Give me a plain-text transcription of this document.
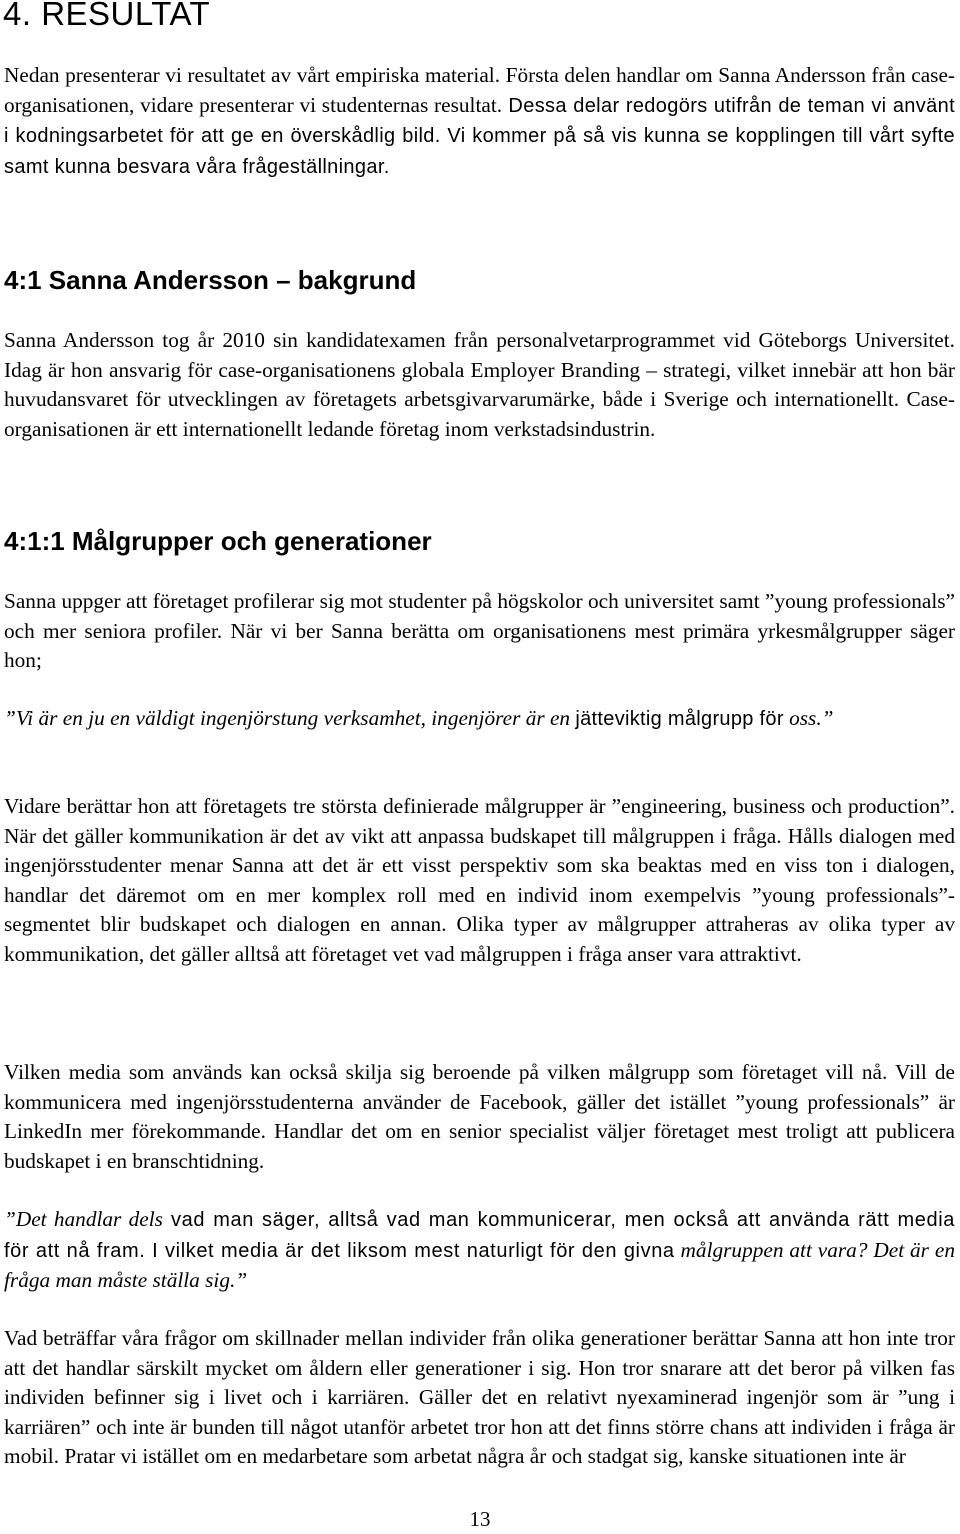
4. RESULTAT

Nedan presenterar vi resultatet av vårt empiriska material. Första delen handlar om Sanna Andersson från case-organisationen, vidare presenterar vi studenternas resultat. Dessa delar redogörs utifrån de teman vi använt i kodningsarbetet för att ge en överskådlig bild. Vi kommer på så vis kunna se kopplingen till vårt syfte samt kunna besvara våra frågeställningar.

4:1 Sanna Andersson – bakgrund

Sanna Andersson tog år 2010 sin kandidatexamen från personalvetarprogrammet vid Göteborgs Universitet. Idag är hon ansvarig för case-organisationens globala Employer Branding – strategi, vilket innebär att hon bär huvudansvaret för utvecklingen av företagets arbetsgivarvarumärke, både i Sverige och internationellt. Case-organisationen är ett internationellt ledande företag inom verkstadsindustrin.

4:1:1 Målgrupper och generationer

Sanna uppger att företaget profilerar sig mot studenter på högskolor och universitet samt ”young professionals” och mer seniora profiler. När vi ber Sanna berätta om organisationens mest primära yrkesmålgrupper säger hon;

”Vi är en ju en väldigt ingenjörstung verksamhet, ingenjörer är en jätteviktig målgrupp för oss.”

Vidare berättar hon att företagets tre största definierade målgrupper är ”engineering, business och production”. När det gäller kommunikation är det av vikt att anpassa budskapet till målgruppen i fråga. Hålls dialogen med ingenjörsstudenter menar Sanna att det är ett visst perspektiv som ska beaktas med en viss ton i dialogen, handlar det däremot om en mer komplex roll med en individ inom exempelvis ”young professionals”-segmentet blir budskapet och dialogen en annan. Olika typer av målgrupper attraheras av olika typer av kommunikation, det gäller alltså att företaget vet vad målgruppen i fråga anser vara attraktivt.

Vilken media som används kan också skilja sig beroende på vilken målgrupp som företaget vill nå. Vill de kommunicera med ingenjörsstudenterna använder de Facebook, gäller det istället ”young professionals” är LinkedIn mer förekommande. Handlar det om en senior specialist väljer företaget mest troligt att publicera budskapet i en branschtidning.

”Det handlar dels vad man säger, alltså vad man kommunicerar, men också att använda rätt media för att nå fram. I vilket media är det liksom mest naturligt för den givna målgruppen att vara? Det är en fråga man måste ställa sig.”

Vad beträffar våra frågor om skillnader mellan individer från olika generationer berättar Sanna att hon inte tror att det handlar särskilt mycket om åldern eller generationer i sig. Hon tror snarare att det beror på vilken fas individen befinner sig i livet och i karriären. Gäller det en relativt nyexaminerad ingenjör som är ”ung i karriären” och inte är bunden till något utanför arbetet tror hon att det finns större chans att individen i fråga är mobil. Pratar vi istället om en medarbetare som arbetat några år och stadgat sig, kanske situationen inte är

13
